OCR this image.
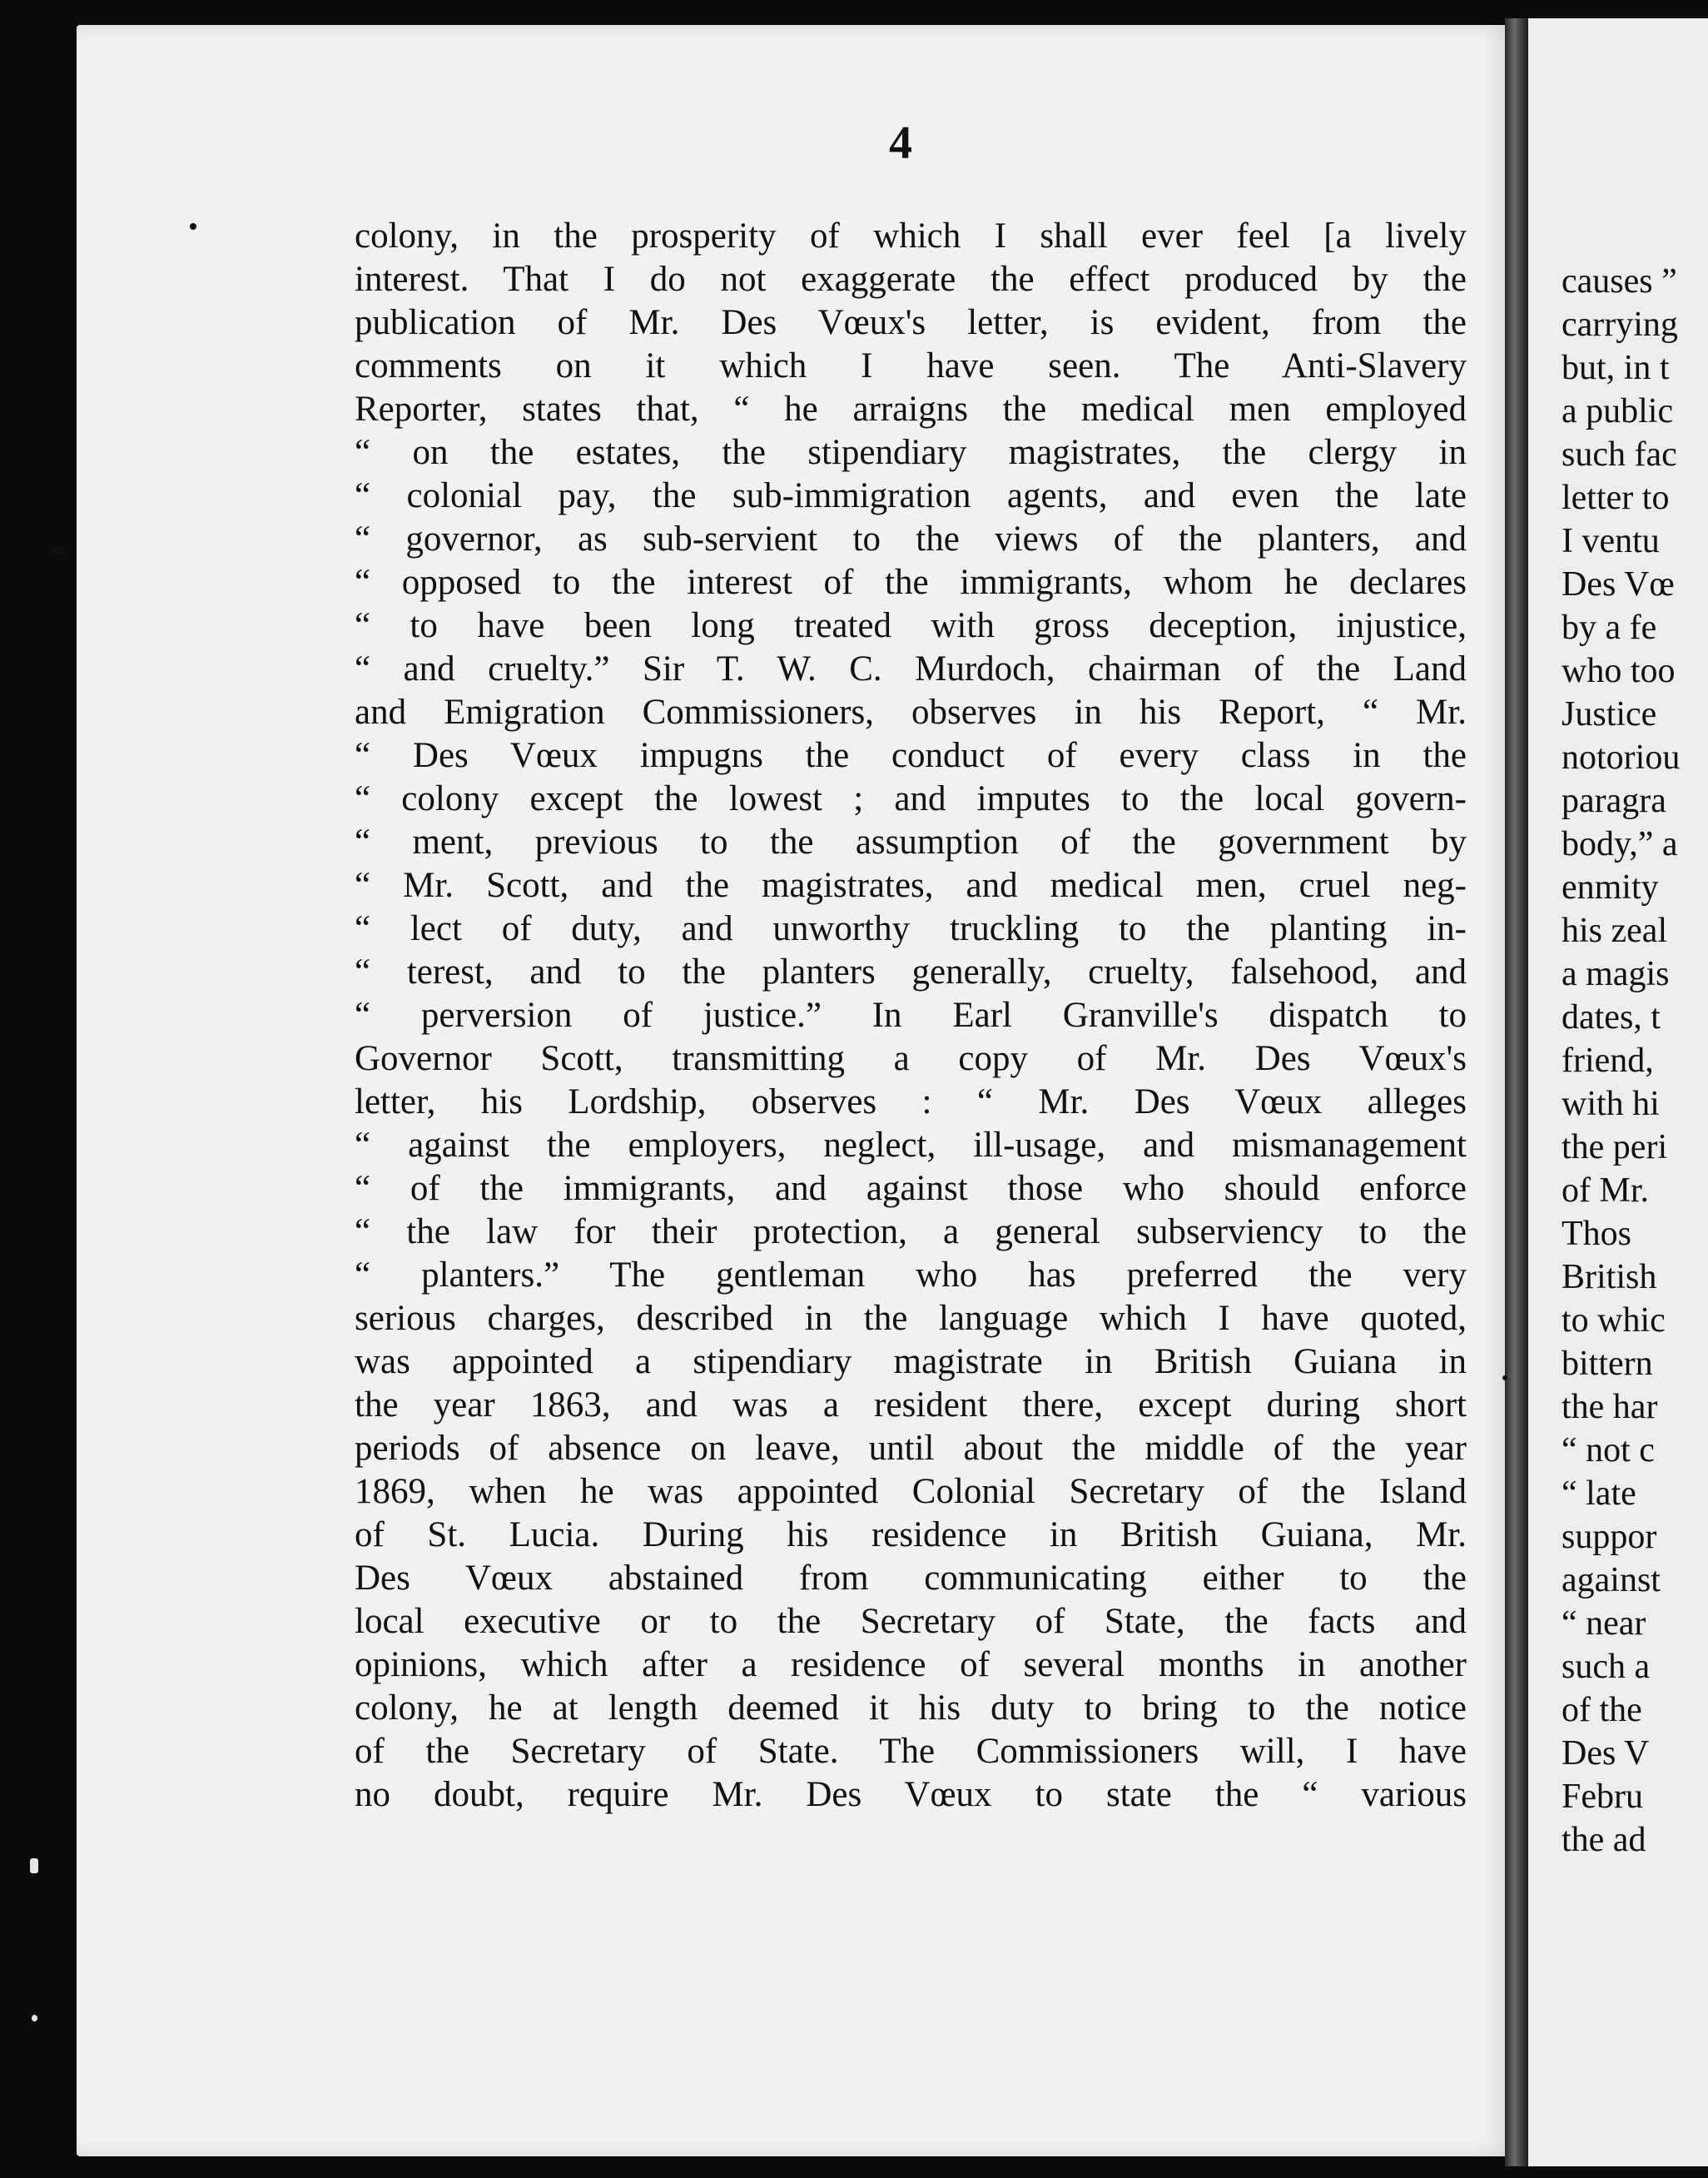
causes ”
carrying
but, in t
a public
such fac
letter to
I ventu
Des Vœ
by a fe
who too
Justice
notoriou
paragra
body,” a
enmity
his zeal
a magis
dates, t
friend,
with hi
the peri
of Mr.
Thos
British
to whic
bittern
the har
“ not c
“ late
suppor
against
“ near
such a
of the
Des V
Febru
the ad
4
colony, in the prosperity of which I shall ever feel [a lively
interest. That I do not exaggerate the effect produced by the
publication of Mr. Des Vœux's letter, is evident, from the
comments on it which I have seen. The Anti-Slavery
Reporter, states that, “ he arraigns the medical men employed
“ on the estates, the stipendiary magistrates, the clergy in
“ colonial pay, the sub-immigration agents, and even the late
“ governor, as sub-servient to the views of the planters, and
“ opposed to the interest of the immigrants, whom he declares
“ to have been long treated with gross deception, injustice,
“ and cruelty.” Sir T. W. C. Murdoch, chairman of the Land
and Emigration Commissioners, observes in his Report, “ Mr.
“ Des Vœux impugns the conduct of every class in the
“ colony except the lowest ; and imputes to the local govern-
“ ment, previous to the assumption of the government by
“ Mr. Scott, and the magistrates, and medical men, cruel neg-
“ lect of duty, and unworthy truckling to the planting in-
“ terest, and to the planters generally, cruelty, falsehood, and
“ perversion of justice.” In Earl Granville's dispatch to
Governor Scott, transmitting a copy of Mr. Des Vœux's
letter, his Lordship, observes : “ Mr. Des Vœux alleges
“ against the employers, neglect, ill-usage, and mismanagement
“ of the immigrants, and against those who should enforce
“ the law for their protection, a general subserviency to the
“ planters.” The gentleman who has preferred the very
serious charges, described in the language which I have quoted,
was appointed a stipendiary magistrate in British Guiana in
the year 1863, and was a resident there, except during short
periods of absence on leave, until about the middle of the year
1869, when he was appointed Colonial Secretary of the Island
of St. Lucia. During his residence in British Guiana, Mr.
Des Vœux abstained from communicating either to the
local executive or to the Secretary of State, the facts and
opinions, which after a residence of several months in another
colony, he at length deemed it his duty to bring to the notice
of the Secretary of State. The Commissioners will, I have
no doubt, require Mr. Des Vœux to state the “ various
